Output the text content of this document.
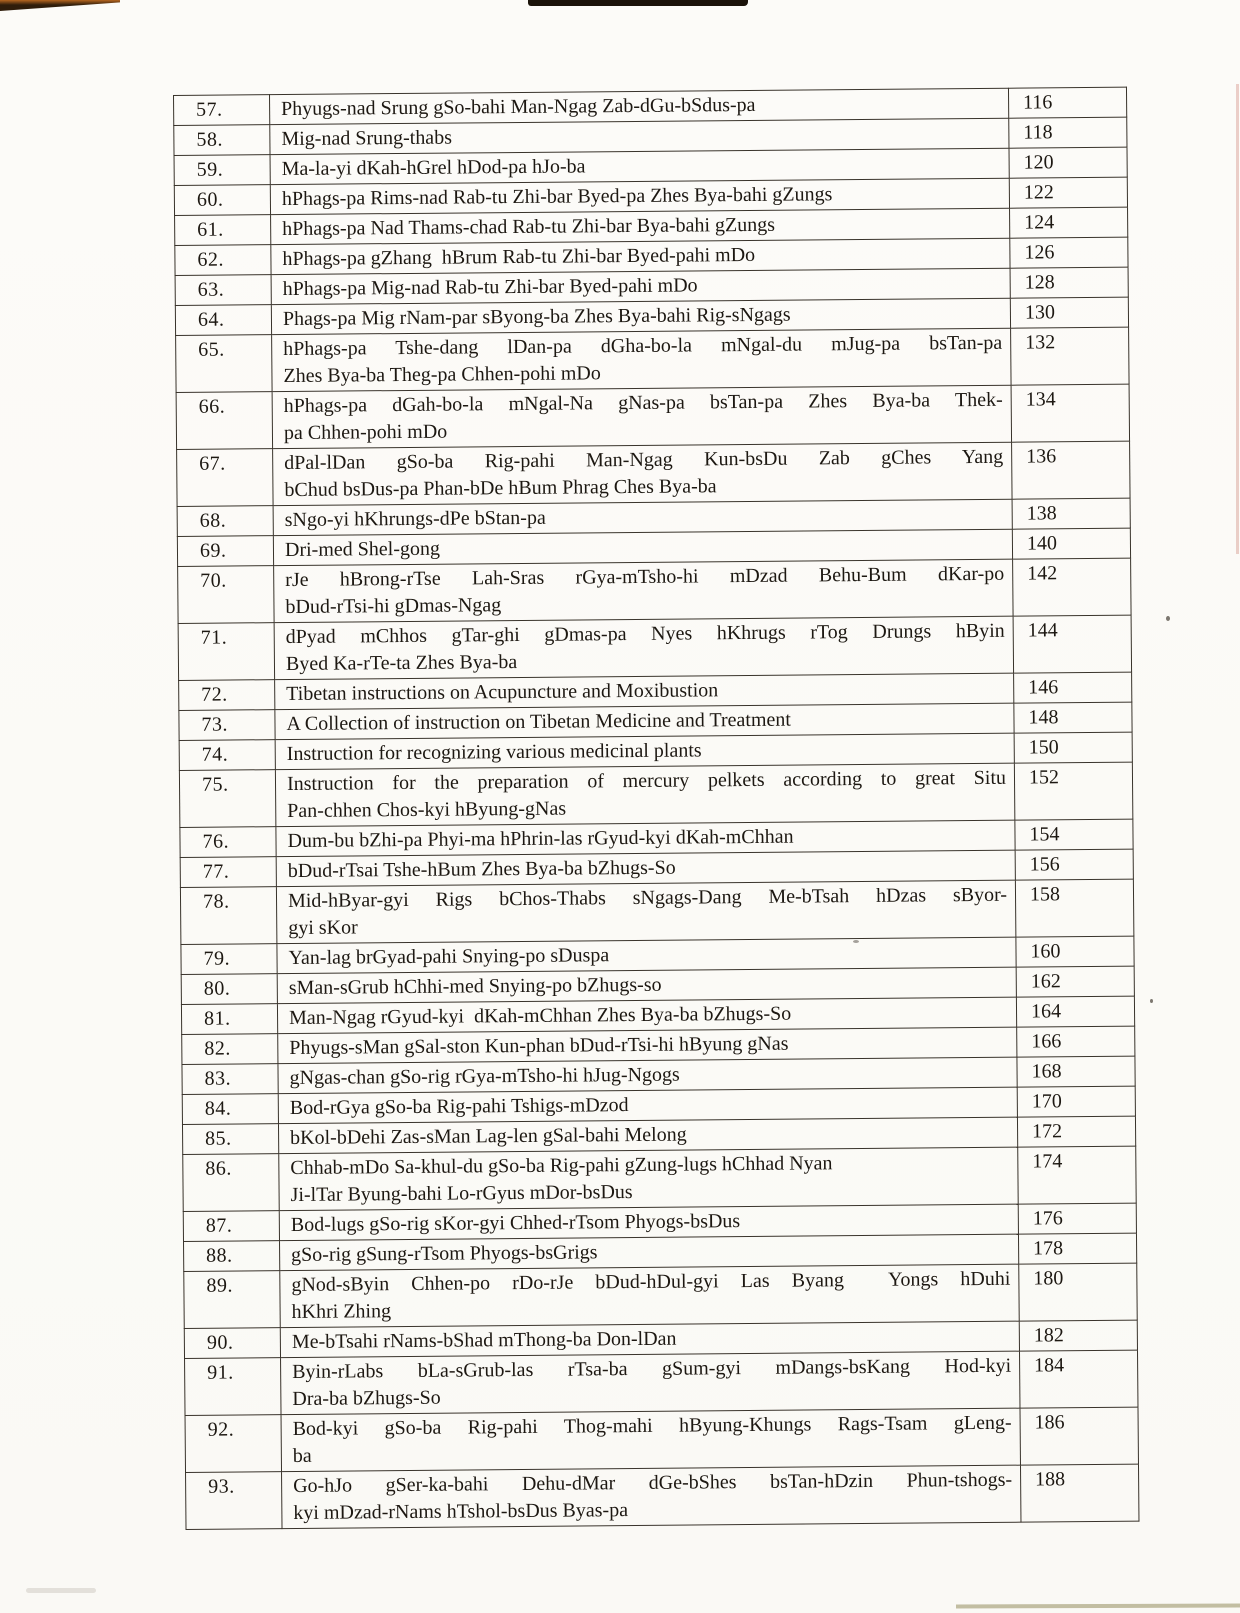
57.	Phyugs-nad Srung gSo-bahi Man-Ngag Zab-dGu-bSdus-pa	116
58.	Mig-nad Srung-thabs	118
59.	Ma-la-yi dKah-hGrel hDod-pa hJo-ba	120
60.	hPhags-pa Rims-nad Rab-tu Zhi-bar Byed-pa Zhes Bya-bahi gZungs	122
61.	hPhags-pa Nad Thams-chad Rab-tu Zhi-bar Bya-bahi gZungs	124
62.	hPhags-pa gZhang  hBrum Rab-tu Zhi-bar Byed-pahi mDo	126
63.	hPhags-pa Mig-nad Rab-tu Zhi-bar Byed-pahi mDo	128
64.	Phags-pa Mig rNam-par sByong-ba Zhes Bya-bahi Rig-sNgags	130
65.	hPhags-pa Tshe-dang lDan-pa dGha-bo-la mNgal-du mJug-pa bsTan-pa
Zhes Bya-ba Theg-pa Chhen-pohi mDo	132
66.	hPhags-pa dGah-bo-la mNgal-Na gNas-pa bsTan-pa Zhes Bya-ba Thek-
pa Chhen-pohi mDo	134
67.	dPal-lDan gSo-ba Rig-pahi Man-Ngag Kun-bsDu Zab gChes Yang
bChud bsDus-pa Phan-bDe hBum Phrag Ches Bya-ba	136
68.	sNgo-yi hKhrungs-dPe bStan-pa	138
69.	Dri-med Shel-gong	140
70.	rJe hBrong-rTse Lah-Sras rGya-mTsho-hi mDzad Behu-Bum dKar-po
bDud-rTsi-hi gDmas-Ngag	142
71.	dPyad mChhos gTar-ghi gDmas-pa Nyes hKhrugs rTog Drungs hByin
Byed Ka-rTe-ta Zhes Bya-ba	144
72.	Tibetan instructions on Acupuncture and Moxibustion	146
73.	A Collection of instruction on Tibetan Medicine and Treatment	148
74.	Instruction for recognizing various medicinal plants	150
75.	Instruction for the preparation of mercury pelkets according to great Situ
Pan-chhen Chos-kyi hByung-gNas	152
76.	Dum-bu bZhi-pa Phyi-ma hPhrin-las rGyud-kyi dKah-mChhan	154
77.	bDud-rTsai Tshe-hBum Zhes Bya-ba bZhugs-So	156
78.	Mid-hByar-gyi Rigs bChos-Thabs sNgags-Dang Me-bTsah hDzas sByor-
gyi sKor	158
79.	Yan-lag brGyad-pahi Snying-po sDuspa	160
80.	sMan-sGrub hChhi-med Snying-po bZhugs-so	162
81.	Man-Ngag rGyud-kyi  dKah-mChhan Zhes Bya-ba bZhugs-So	164
82.	Phyugs-sMan gSal-ston Kun-phan bDud-rTsi-hi hByung gNas	166
83.	gNgas-chan gSo-rig rGya-mTsho-hi hJug-Ngogs	168
84.	Bod-rGya gSo-ba Rig-pahi Tshigs-mDzod	170
85.	bKol-bDehi Zas-sMan Lag-len gSal-bahi Melong	172
86.	Chhab-mDo Sa-khul-du gSo-ba Rig-pahi gZung-lugs hChhad Nyan
Ji-lTar Byung-bahi Lo-rGyus mDor-bsDus	174
87.	Bod-lugs gSo-rig sKor-gyi Chhed-rTsom Phyogs-bsDus	176
88.	gSo-rig gSung-rTsom Phyogs-bsGrigs	178
89.	gNod-sByin Chhen-po rDo-rJe bDud-hDul-gyi Las Byang  Yongs hDuhi
hKhri Zhing	180
90.	Me-bTsahi rNams-bShad mThong-ba Don-lDan	182
91.	Byin-rLabs bLa-sGrub-las rTsa-ba gSum-gyi mDangs-bsKang Hod-kyi
Dra-ba bZhugs-So	184
92.	Bod-kyi gSo-ba Rig-pahi Thog-mahi hByung-Khungs Rags-Tsam gLeng-
ba	186
93.	Go-hJo gSer-ka-bahi Dehu-dMar dGe-bShes bsTan-hDzin Phun-tshogs-
kyi mDzad-rNams hTshol-bsDus Byas-pa	188
